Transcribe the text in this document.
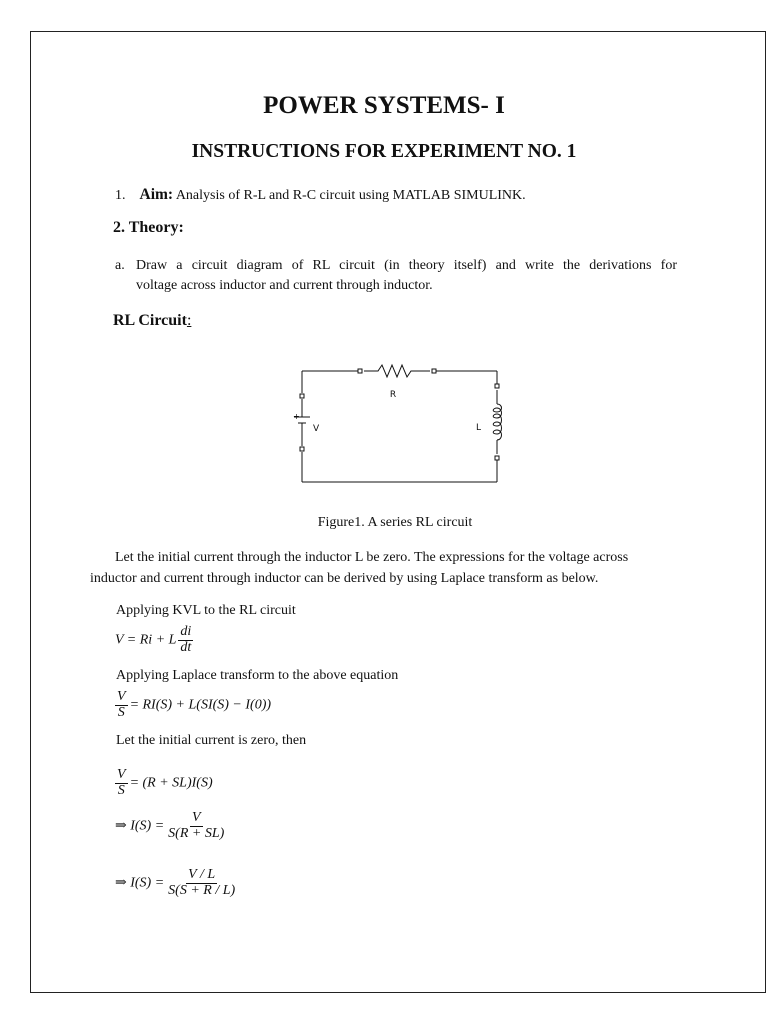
POWER SYSTEMS- I
INSTRUCTIONS FOR EXPERIMENT NO. 1
1. Aim: Analysis of R-L and R-C circuit using MATLAB SIMULINK.
2. Theory:
a. Draw a circuit diagram of RL circuit (in theory itself) and write the derivations for
voltage across inductor and current through inductor.
RL Circuit:
R
V
+
L
Figure1. A series RL circuit
Let the initial current through the inductor L be zero. The expressions for the voltage across
inductor and current through inductor can be derived by using Laplace transform as below.
Applying KVL to the RL circuit
V = Ri + L $\frac{di}{dt}$
Applying Laplace transform to the above equation
$\frac{V}{S} = RI(S) + L(SI(S) - I(0))$
Let the initial current is zero, then
$\frac{V}{S} = (R + SL)I(S)$
⇒ $I(S) = \frac{V}{S(R + SL)}$
⇒ $I(S) = \frac{V / L}{S(S + R / L)}$
